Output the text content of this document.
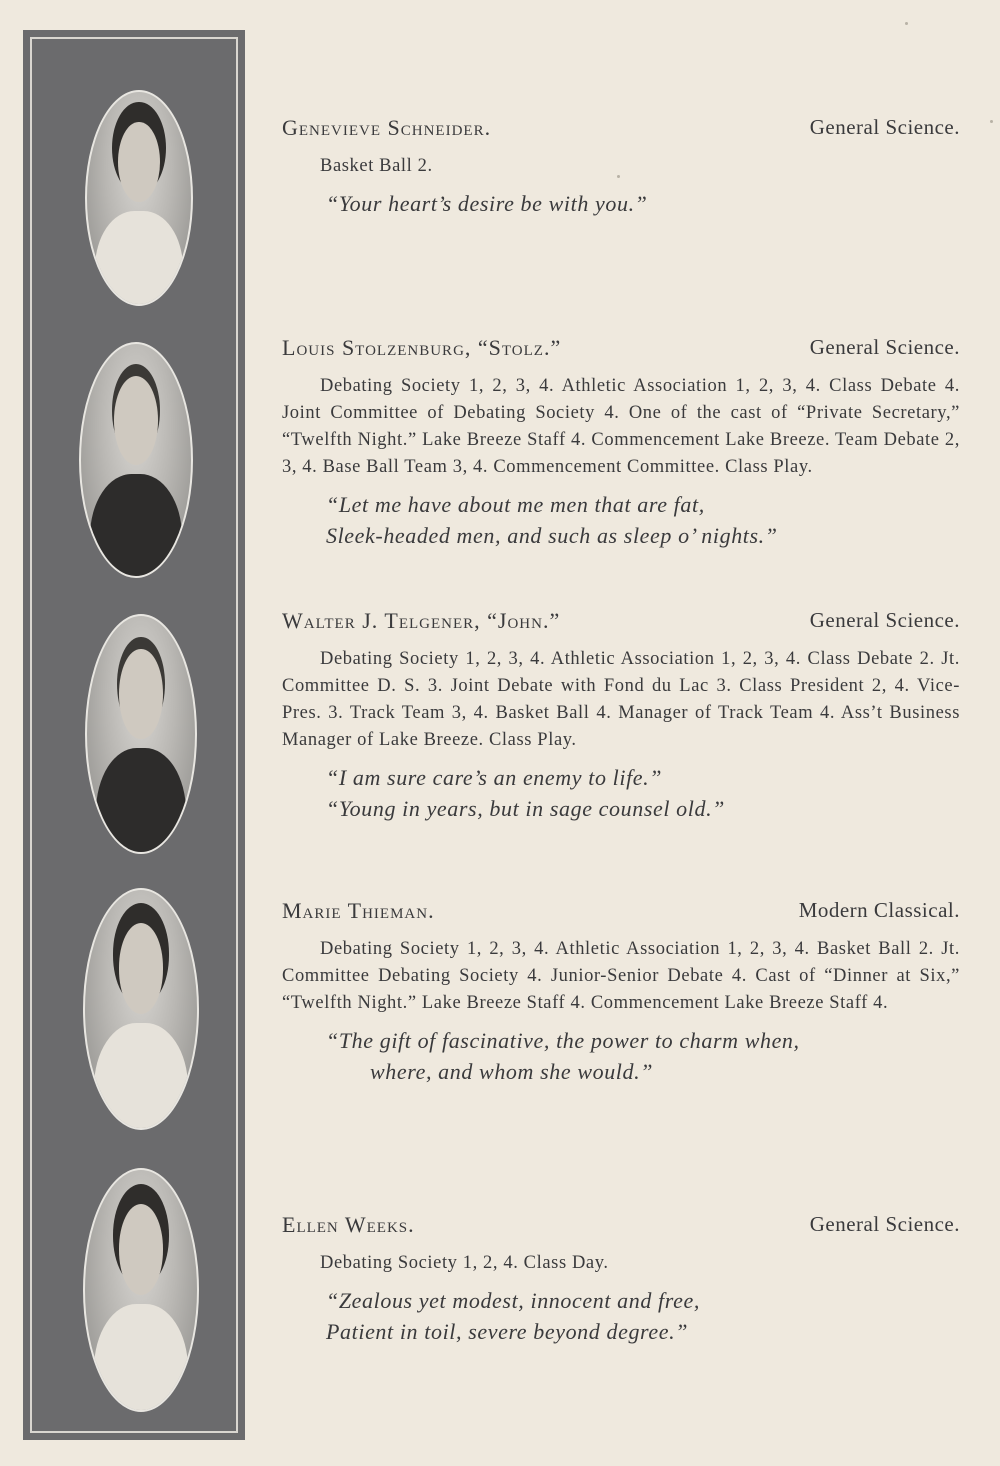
Genevieve Schneider.	General Science.
Basket Ball 2.
“Your heart’s desire be with you.”
Louis Stolzenburg, “Stolz.”	General Science.
Debating Society 1, 2, 3, 4. Athletic Association 1, 2, 3, 4. Class Debate 4. Joint Committee of Debating Society 4. One of the cast of “Private Secretary,” “Twelfth Night.” Lake Breeze Staff 4. Commencement Lake Breeze. Team Debate 2, 3, 4. Base Ball Team 3, 4. Commencement Committee. Class Play.
“Let me have about me men that are fat,
Sleek-headed men, and such as sleep o’ nights.”
Walter J. Telgener, “John.”	General Science.
Debating Society 1, 2, 3, 4. Athletic Association 1, 2, 3, 4. Class Debate 2. Jt. Committee D. S. 3. Joint Debate with Fond du Lac 3. Class President 2, 4. Vice-Pres. 3. Track Team 3, 4. Basket Ball 4. Manager of Track Team 4. Ass’t Business Manager of Lake Breeze. Class Play.
“I am sure care’s an enemy to life.”
“Young in years, but in sage counsel old.”
Marie Thieman.	Modern Classical.
Debating Society 1, 2, 3, 4. Athletic Association 1, 2, 3, 4. Basket Ball 2. Jt. Committee Debating Society 4. Junior-Senior Debate 4. Cast of “Dinner at Six,” “Twelfth Night.” Lake Breeze Staff 4. Commencement Lake Breeze Staff 4.
“The gift of fascinative, the power to charm when,
where, and whom she would.”
Ellen Weeks.	General Science.
Debating Society 1, 2, 4. Class Day.
“Zealous yet modest, innocent and free,
Patient in toil, severe beyond degree.”
